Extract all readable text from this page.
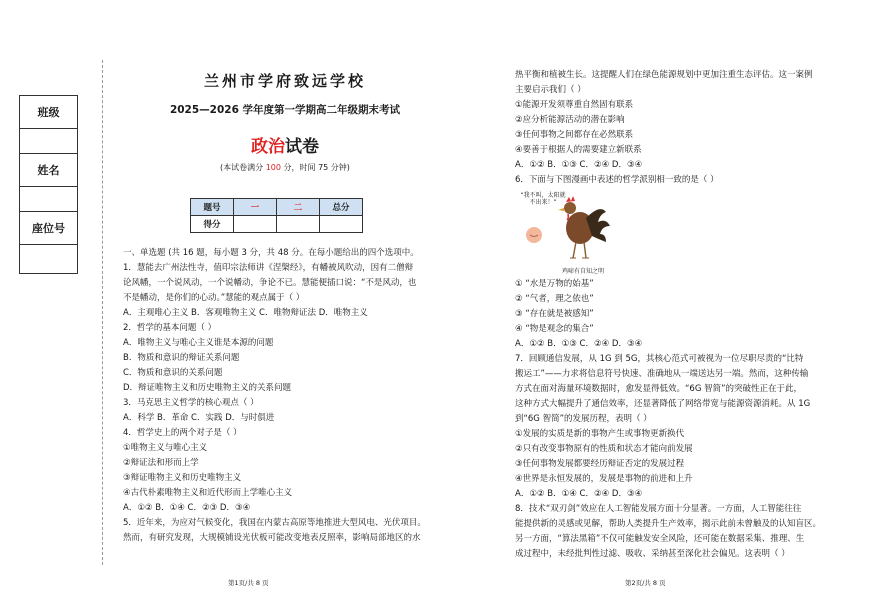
班级
姓名
座位号
兰州市学府致远学校
2025—2026 学年度第一学期高二年级期末考试
政治试卷
(本试卷满分 100 分，时间 75 分钟)
题号	一	二	总分
得分			
一、单选题 (共 16 题，每小题 3 分，共 48 分。在每小题给出的四个选项中。
1．慧能去广州法性寺，值印宗法师讲《涅槃经》，有幡被风吹动，因有二僧辩
论风幡，一个说风动，一个说幡动，争论不已。慧能便插口说：“不是风动，也
不是幡动，是你们的心动。”慧能的观点属于（ ）
A．主观唯心主义 B．客观唯物主义 C．唯物辩证法 D．唯物主义
2．哲学的基本问题（ ）
A．唯物主义与唯心主义谁是本源的问题
B．物质和意识的辩证关系问题
C．物质和意识的关系问题
D．辩证唯物主义和历史唯物主义的关系问题
3．马克思主义哲学的核心观点（ ）
A．科学 B．革命 C．实践 D．与时俱进
4．哲学史上的两个对子是（ ）
①唯物主义与唯心主义
②辩证法和形而上学
③辩证唯物主义和历史唯物主义
④古代朴素唯物主义和近代形而上学唯心主义
A．①② B．①④ C．②③ D．③④
5．近年来，为应对气候变化，我国在内蒙古高原等地推进大型风电、光伏项目。
然而，有研究发现，大规模铺设光伏板可能改变地表反照率，影响局部地区的水
热平衡和植被生长。这提醒人们在绿色能源规划中更加注重生态评估。这一案例
主要启示我们（ ）
①能源开发须尊重自然固有联系
②应分析能源活动的潜在影响
③任何事物之间都存在必然联系
④要善于根据人的需要建立新联系
A．①② B．①③ C．②④ D．③④
6．下面与下图漫画中表述的哲学派别相一致的是（ ）
“我不叫，太阳就不出来！”
鸡啼有自知之明
① “水是万物的始基”
② “气者，理之依也”
③ “存在就是被感知”
④ “物是观念的集合”
A．①② B．①③ C．②④ D．③④
7．回顾通信发展，从 1G 到 5G，其核心范式可被视为一位尽职尽责的“比特
搬运工”——力求将信息符号快速、准确地从一端送达另一端。然而，这种传输
方式在面对海量环境数据时，愈发显得低效。“6G 智简”的突破性正在于此，
这种方式大幅提升了通信效率，还显著降低了网络带宽与能源资源消耗。从 1G
到“6G 智简”的发展历程，表明（ ）
①发展的实质是新的事物产生或事物更新换代
②只有改变事物原有的性质和状态才能向前发展
③任何事物发展都要经历辩证否定的发展过程
④世界是永恒发展的，发展是事物的前进和上升
A．①② B．①④ C．②④ D．③④
8．技术“双刃剑”效应在人工智能发展方面十分显著。一方面，人工智能往往
能提供新的灵感或见解，帮助人类提升生产效率，揭示此前未曾触及的认知盲区。
另一方面，“算法黑箱”不仅可能触发安全风险，还可能在数据采集、推理、生
成过程中，未经批判性过滤、吸收、采纳甚至深化社会偏见。这表明（ ）
第1页/共 8 页	第2页/共 8 页
